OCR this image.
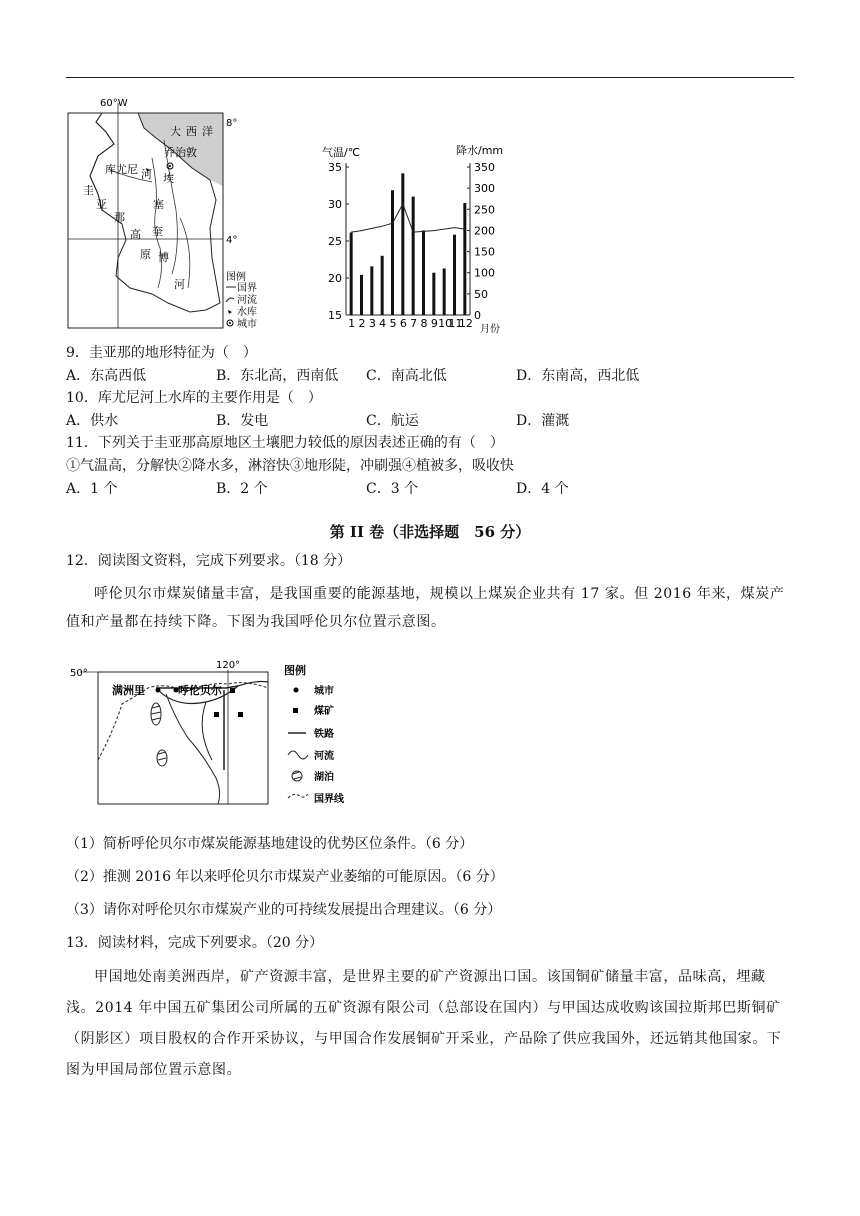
60°W
8°
4°
大 西 洋
乔治敦
库尤尼 河 埃
圭
亚
那
塞
高 奎
原 博
河
图例
国界
河流
水库
城市
气温/℃	降水/mm
月份
15
20
25
30
35
0
50
100
150
200
250
300
350
1 2 3 4 5 6 7 8 9 10
11
12
9．圭亚那的地形特征为（　）
A．东高西低	B．东北高，西南低 C．南高北低	D．东南高，西北低
10．库尤尼河上水库的主要作用是（　）
A．供水	B．发电	C．航运	D．灌溉
11．下列关于圭亚那高原地区土壤肥力较低的原因表述正确的有（　）
①气温高，分解快②降水多，淋溶快③地形陡，冲刷强④植被多，吸收快
A．1 个	B．2 个	C．3 个	D．4 个
第 II 卷（非选择题　56 分）
12．阅读图文资料，完成下列要求。（18 分）
呼伦贝尔市煤炭储量丰富，是我国重要的能源基地，规模以上煤炭企业共有 17 家。但 2016 年来，煤炭产值和产量都在持续下降。下图为我国呼伦贝尔位置示意图。
50°
120°
满洲里	呼伦贝尔
图例
城市
煤矿
铁路
河流
湖泊
国界线
（1）简析呼伦贝尔市煤炭能源基地建设的优势区位条件。（6 分）
（2）推测 2016 年以来呼伦贝尔市煤炭产业萎缩的可能原因。（6 分）
（3）请你对呼伦贝尔市煤炭产业的可持续发展提出合理建议。（6 分）
13．阅读材料，完成下列要求。（20 分）
甲国地处南美洲西岸，矿产资源丰富，是世界主要的矿产资源出口国。该国铜矿储量丰富，品味高，埋藏浅。2014 年中国五矿集团公司所属的五矿资源有限公司（总部设在国内）与甲国达成收购该国拉斯邦巴斯铜矿（阴影区）项目股权的合作开采协议，与甲国合作发展铜矿开采业，产品除了供应我国外，还远销其他国家。下图为甲国局部位置示意图。
